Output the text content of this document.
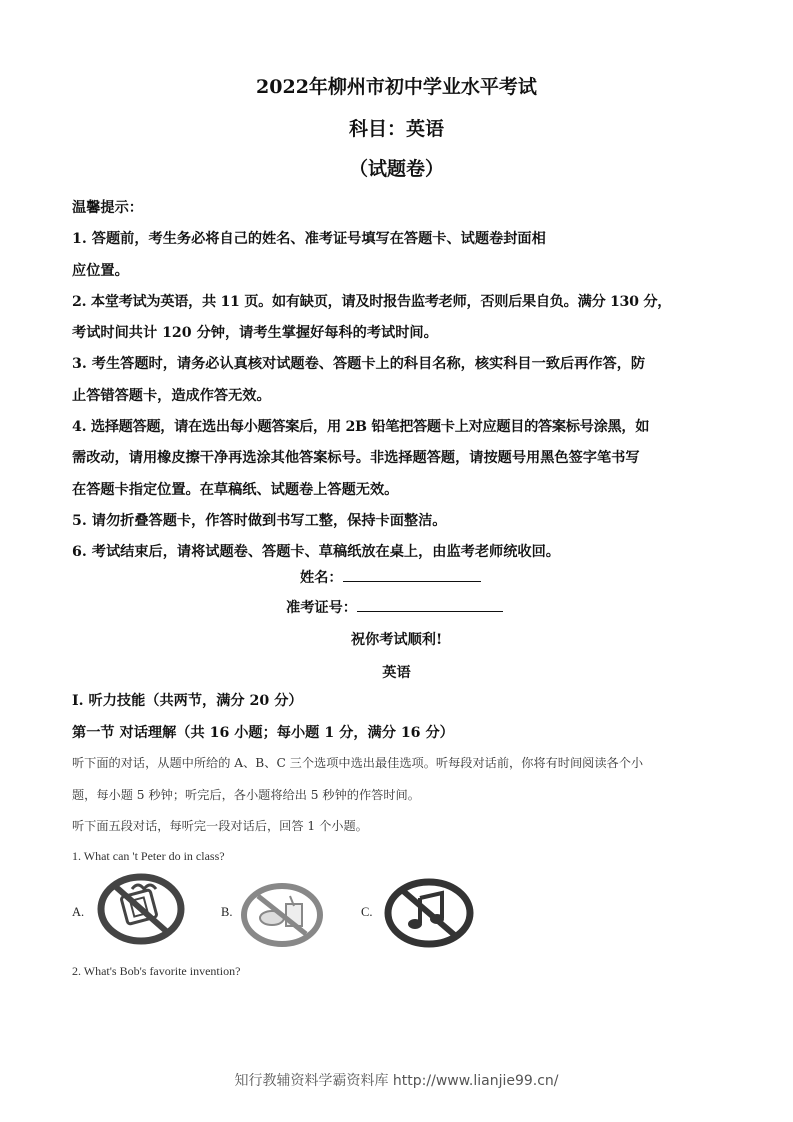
2022年柳州市初中学业水平考试
科目：英语
（试题卷）

温馨提示：

1. 答题前，考生务必将自己的姓名、准考证号填写在答题卡、试题卷封面相

应位置。

2. 本堂考试为英语，共 11 页。如有缺页，请及时报告监考老师，否则后果自负。满分 130 分，

考试时间共计 120 分钟，请考生掌握好每科的考试时间。

3. 考生答题时，请务必认真核对试题卷、答题卡上的科目名称，核实科目一致后再作答，防

止答错答题卡，造成作答无效。

4. 选择题答题，请在选出每小题答案后，用 2B 铅笔把答题卡上对应题目的答案标号涂黑，如

需改动，请用橡皮擦干净再选涂其他答案标号。非选择题答题，请按题号用黑色签字笔书写

在答题卡指定位置。在草稿纸、试题卷上答题无效。

5. 请勿折叠答题卡，作答时做到书写工整，保持卡面整洁。

6. 考试结束后，请将试题卷、答题卡、草稿纸放在桌上，由监考老师统收回。

姓名：
准考证号：
祝你考试顺利!
英语
I. 听力技能（共两节，满分 20 分）
第一节 对话理解（共 16 小题；每小题 1 分，满分 16 分）
听下面的对话，从题中所给的 A、B、C 三个选项中选出最佳选项。听每段对话前，你将有时间阅读各个小
题，每小题 5 秒钟；听完后，各小题将给出 5 秒钟的作答时间。
听下面五段对话，每听完一段对话后，回答 1 个小题。
1. What can 't Peter do in class?
A.	B.	C.
2. What's Bob's favorite invention?
知行教辅资料学霸资料库 http://www.lianjie99.cn/
